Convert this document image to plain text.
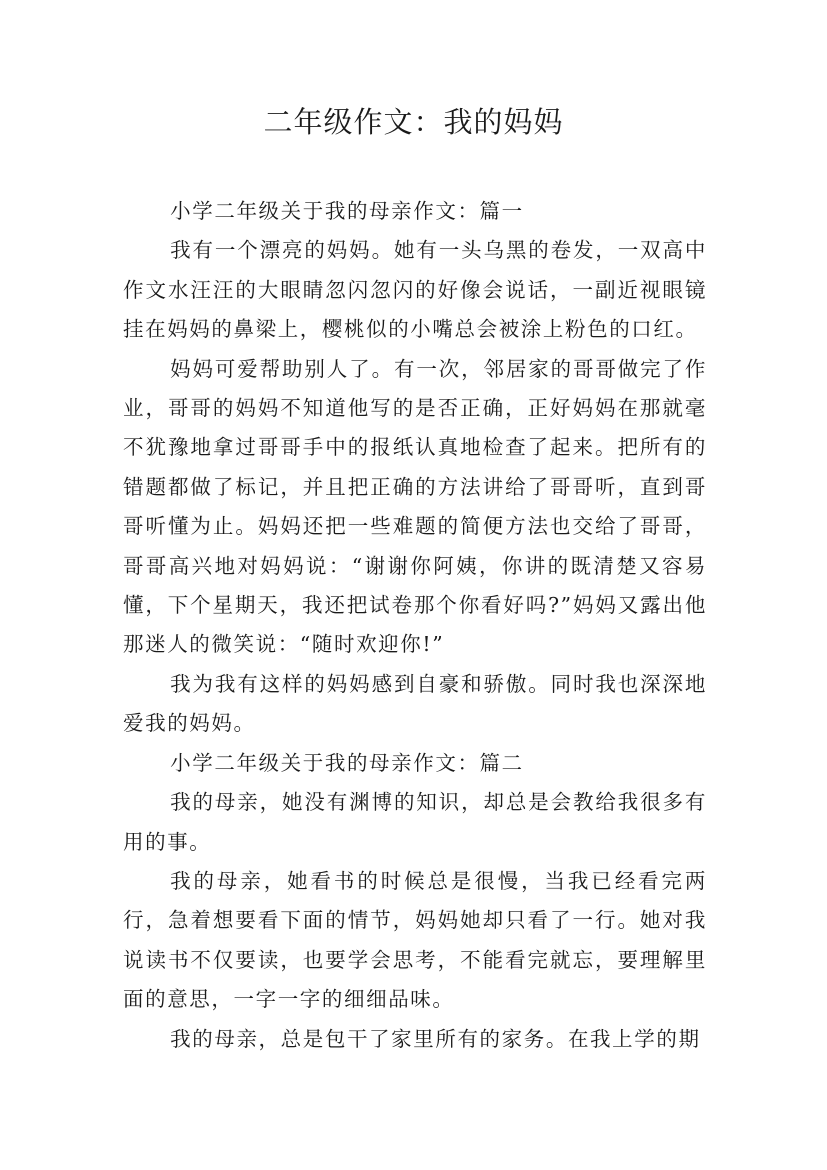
二年级作文：我的妈妈

小学二年级关于我的母亲作文：篇一

我有一个漂亮的妈妈。她有一头乌黑的卷发，一双高中作文水汪汪的大眼睛忽闪忽闪的好像会说话，一副近视眼镜挂在妈妈的鼻梁上，樱桃似的小嘴总会被涂上粉色的口红。

妈妈可爱帮助别人了。有一次，邻居家的哥哥做完了作业，哥哥的妈妈不知道他写的是否正确，正好妈妈在那就毫不犹豫地拿过哥哥手中的报纸认真地检查了起来。把所有的错题都做了标记，并且把正确的方法讲给了哥哥听，直到哥哥听懂为止。妈妈还把一些难题的简便方法也交给了哥哥，哥哥高兴地对妈妈说：“谢谢你阿姨，你讲的既清楚又容易懂，下个星期天，我还把试卷那个你看好吗?”妈妈又露出他那迷人的微笑说：“随时欢迎你!”

我为我有这样的妈妈感到自豪和骄傲。同时我也深深地爱我的妈妈。

小学二年级关于我的母亲作文：篇二

我的母亲，她没有渊博的知识，却总是会教给我很多有用的事。

我的母亲，她看书的时候总是很慢，当我已经看完两行，急着想要看下面的情节，妈妈她却只看了一行。她对我说读书不仅要读，也要学会思考，不能看完就忘，要理解里面的意思，一字一字的细细品味。

我的母亲，总是包干了家里所有的家务。在我上学的期
